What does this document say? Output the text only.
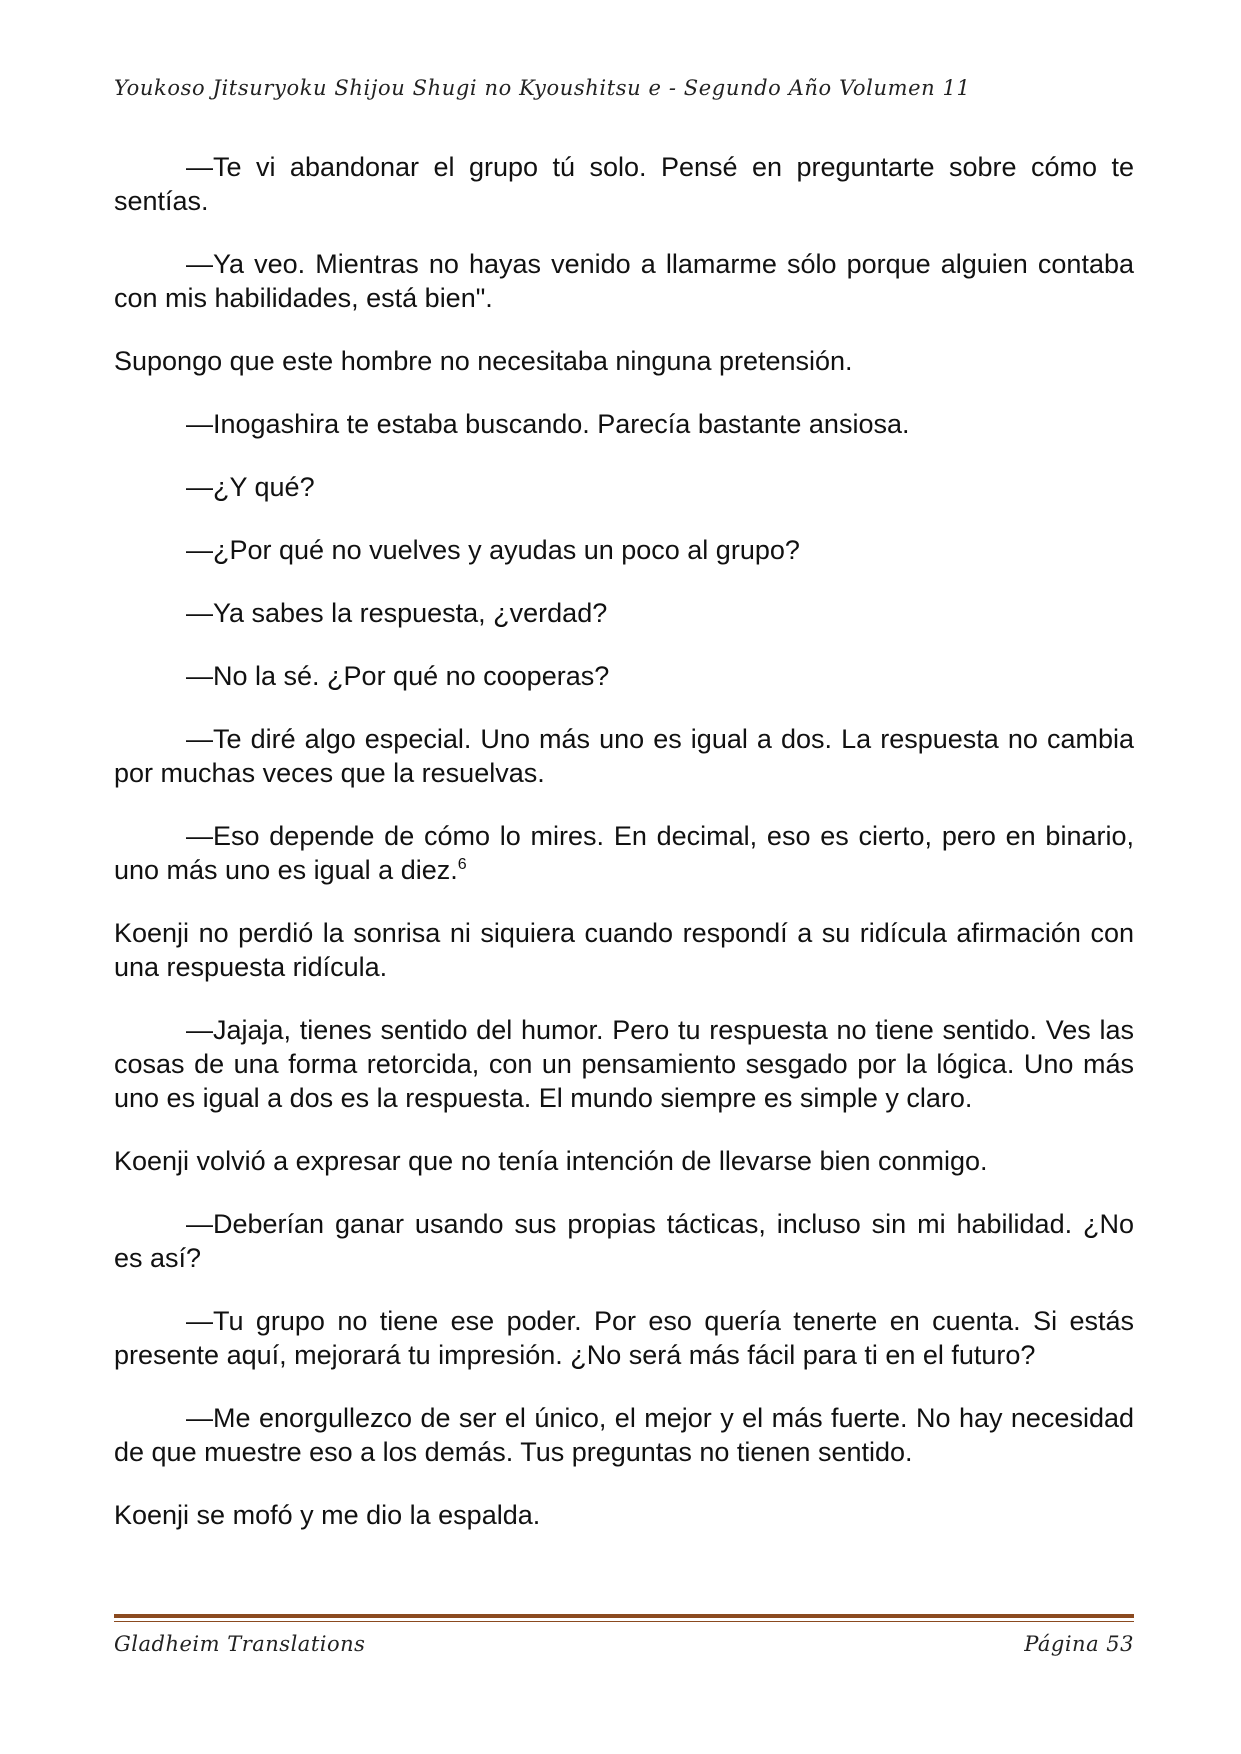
Youkoso Jitsuryoku Shijou Shugi no Kyoushitsu e - Segundo Año Volumen 11

—Te vi abandonar el grupo tú solo. Pensé en preguntarte sobre cómo te sentías.

—Ya veo. Mientras no hayas venido a llamarme sólo porque alguien contaba con mis habilidades, está bien".

Supongo que este hombre no necesitaba ninguna pretensión.

—Inogashira te estaba buscando. Parecía bastante ansiosa.

—¿Y qué?

—¿Por qué no vuelves y ayudas un poco al grupo?

—Ya sabes la respuesta, ¿verdad?

—No la sé. ¿Por qué no cooperas?

—Te diré algo especial. Uno más uno es igual a dos. La respuesta no cambia por muchas veces que la resuelvas.

—Eso depende de cómo lo mires. En decimal, eso es cierto, pero en binario, uno más uno es igual a diez.$^6$

Koenji no perdió la sonrisa ni siquiera cuando respondí a su ridícula afirmación con una respuesta ridícula.

—Jajaja, tienes sentido del humor. Pero tu respuesta no tiene sentido. Ves las cosas de una forma retorcida, con un pensamiento sesgado por la lógica. Uno más uno es igual a dos es la respuesta. El mundo siempre es simple y claro.

Koenji volvió a expresar que no tenía intención de llevarse bien conmigo.

—Deberían ganar usando sus propias tácticas, incluso sin mi habilidad. ¿No es así?

—Tu grupo no tiene ese poder. Por eso quería tenerte en cuenta. Si estás presente aquí, mejorará tu impresión. ¿No será más fácil para ti en el futuro?

—Me enorgullezco de ser el único, el mejor y el más fuerte. No hay necesidad de que muestre eso a los demás. Tus preguntas no tienen sentido.

Koenji se mofó y me dio la espalda.

Gladheim Translations	Página 53
